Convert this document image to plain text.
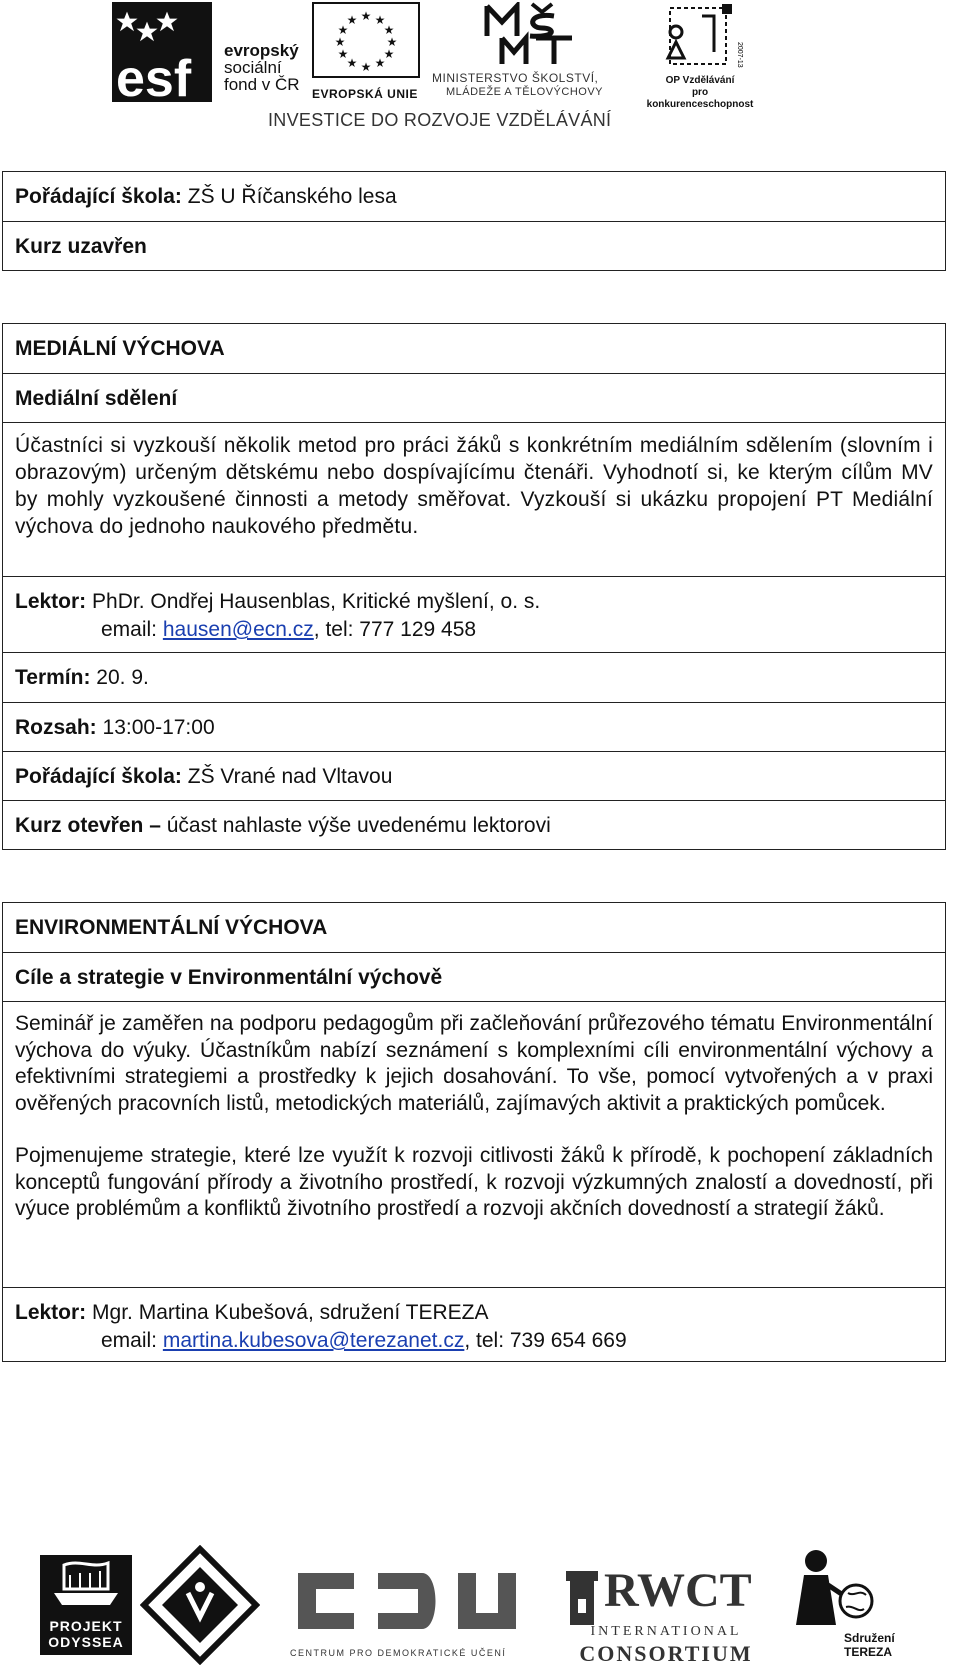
esf evropský
sociální
fond v ČR
★ ★
★
★
★
★
★
★
★
★
★
★
EVROPSKÁ UNIE
MINISTERSTVO ŠKOLSTVÍ,
MLÁDEŽE A TĚLOVÝCHOVY
2007-13
OP Vzdělávání
pro konkurenceschopnost
INVESTICE DO ROZVOJE VZDĚLÁVÁNÍ
Pořádající škola: ZŠ U Říčanského lesa
Kurz uzavřen
MEDIÁLNÍ VÝCHOVA
Mediální sdělení
Účastníci si vyzkouší několik metod pro práci žáků s konkrétním mediálním sdělením (slovním i obrazovým) určeným dětskému nebo dospívajícímu čtenáři. Vyhodnotí si, ke kterým cílům MV by mohly vyzkoušené činnosti a metody směřovat. Vyzkouší si ukázku propojení PT Mediální výchova do jednoho naukového předmětu.
Lektor: PhDr. Ondřej Hausenblas, Kritické myšlení, o. s.
email: hausen@ecn.cz, tel: 777 129 458
Termín: 20. 9.
Rozsah: 13:00-17:00
Pořádající škola: ZŠ Vrané nad Vltavou
Kurz otevřen – účast nahlaste výše uvedenému lektorovi
ENVIRONMENTÁLNÍ VÝCHOVA
Cíle a strategie v Environmentální výchově
Seminář je zaměřen na podporu pedagogům při začleňování průřezového tématu Environmentální výchova do výuky. Účastníkům nabízí seznámení s komplexními cíli environmentální výchovy a efektivními strategiemi a prostředky k jejich dosahování. To vše, pomocí vytvořených a v praxi ověřených pracovních listů, metodických materiálů, zajímavých aktivit a praktických pomůcek.
Pojmenujeme strategie, které lze využít k rozvoji citlivosti žáků k přírodě, k pochopení základních konceptů fungování přírody a životního prostředí, k rozvoji výzkumných znalostí a dovedností, při výuce problémům a konfliktů životního prostředí a rozvoji akčních dovedností a strategií žáků.
Lektor: Mgr. Martina Kubešová, sdružení TEREZA
email: martina.kubesova@terezanet.cz, tel: 739 654 669
PROJEKT
ODYSSEA
CENTRUM PRO DEMOKRATICKÉ UČENÍ
RWCT
INTERNATIONAL
CONSORTIUM
Sdružení
TEREZA
